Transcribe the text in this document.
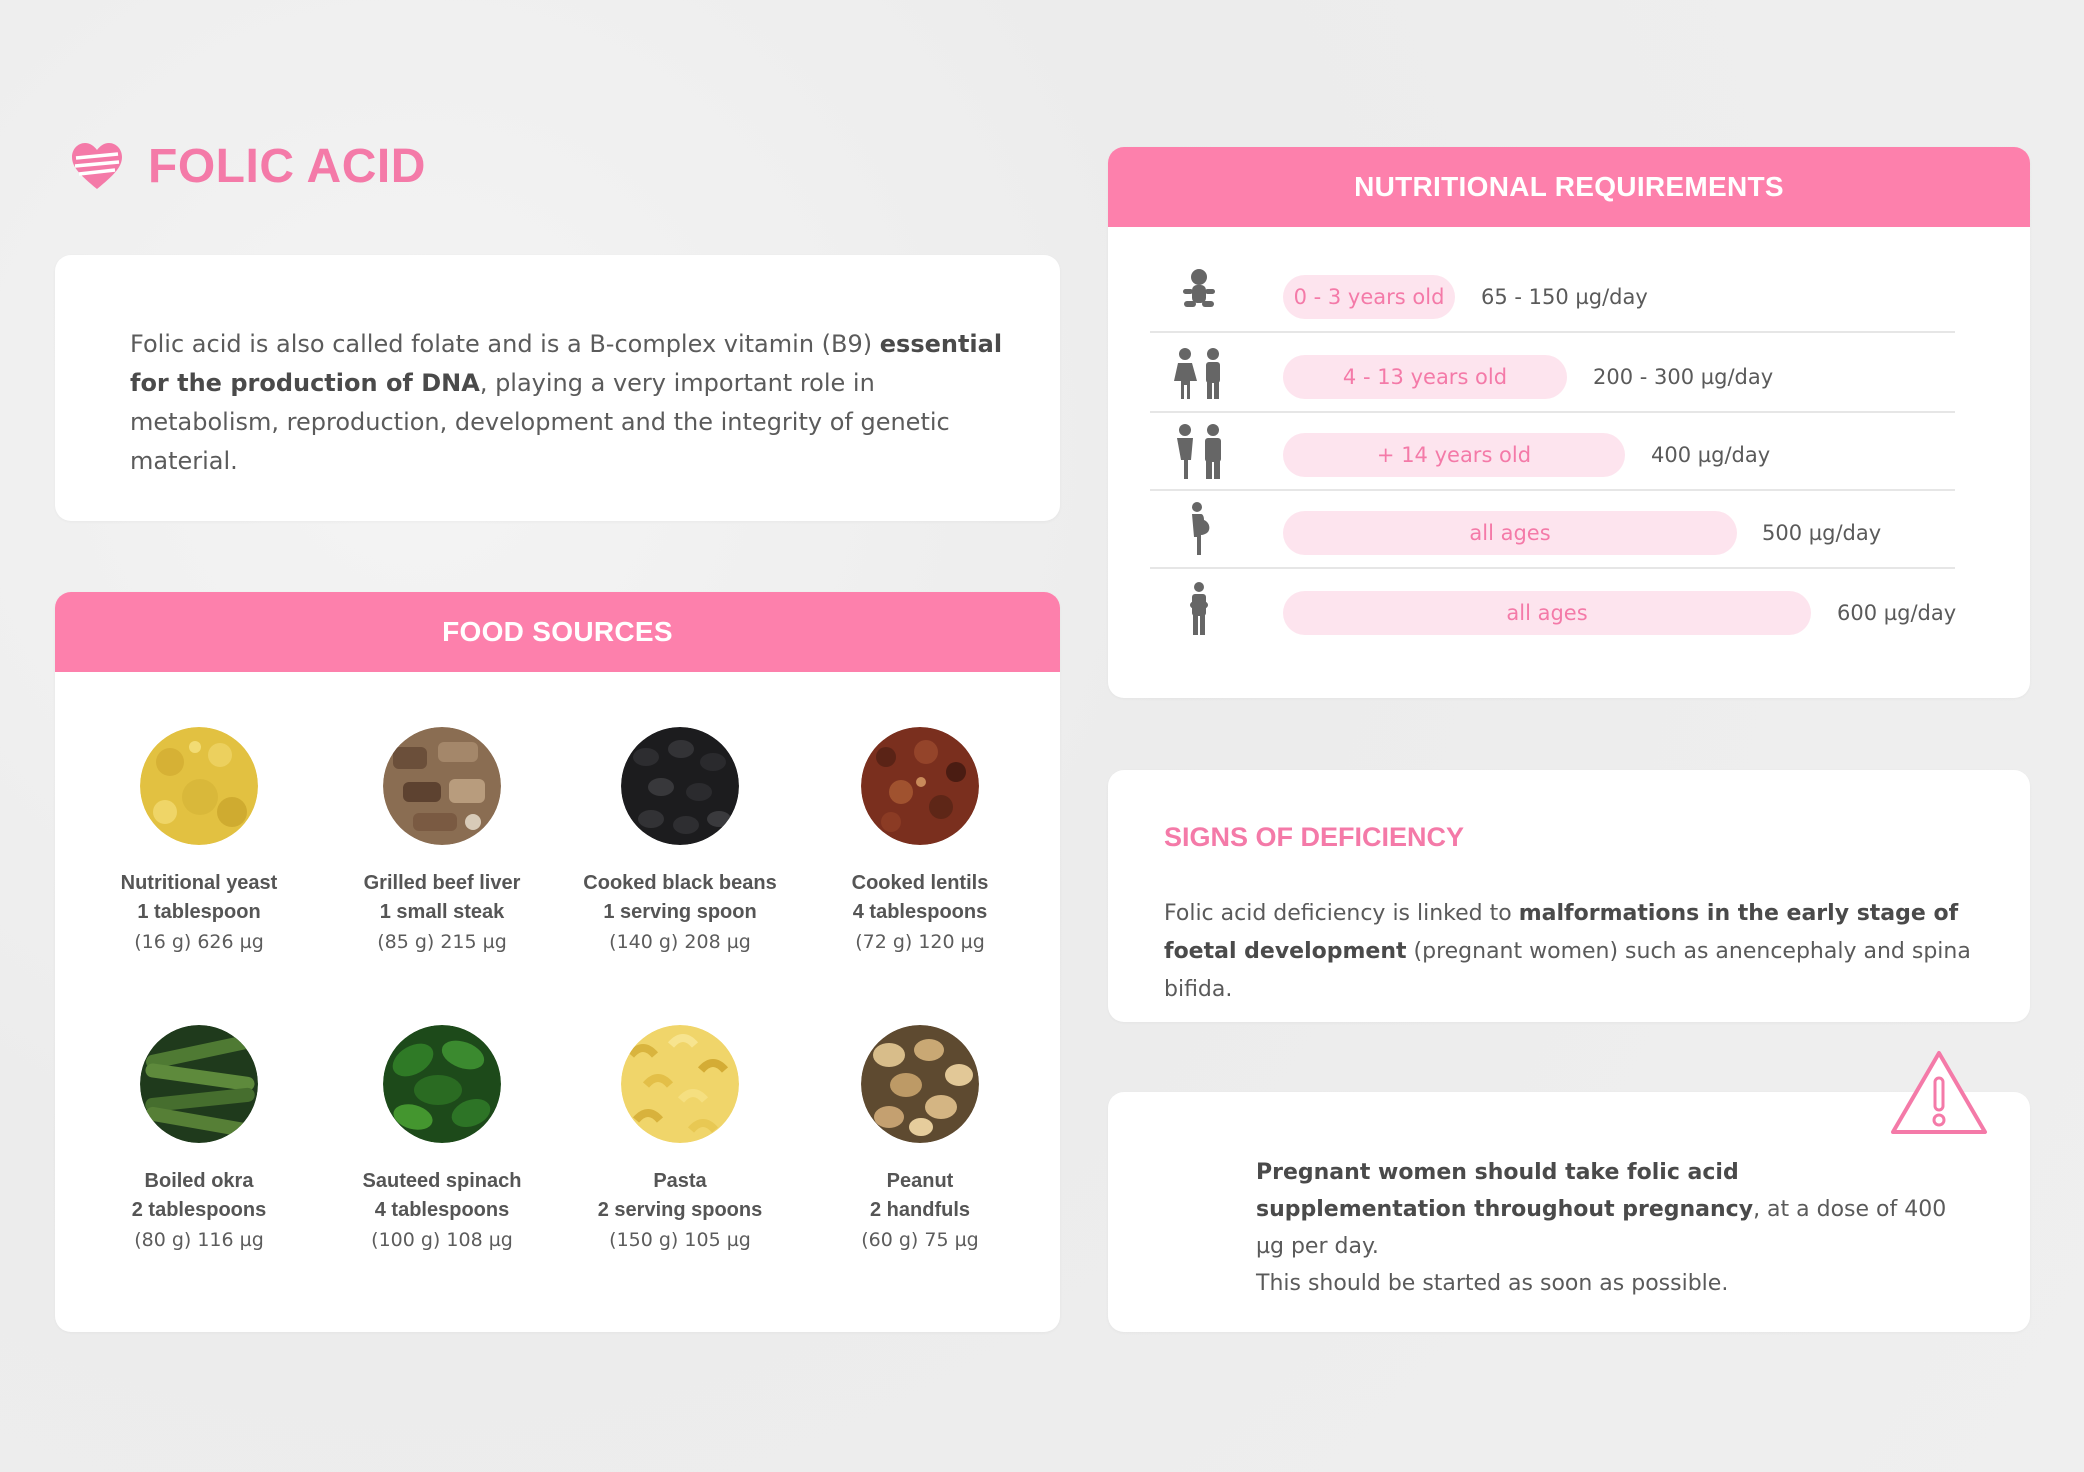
FOLIC ACID

Folic acid is also called folate and is a B-complex vitamin (B9) essential for the production of DNA, playing a very important role in metabolism, reproduction, development and the integrity of genetic material.

FOOD SOURCES
Nutritional yeast
1 tablespoon
(16 g) 626 µg
Grilled beef liver
1 small steak
(85 g) 215 µg
Cooked black beans
1 serving spoon
(140 g) 208 µg
Cooked lentils
4 tablespoons
(72 g) 120 µg
Boiled okra
2 tablespoons
(80 g) 116 µg
Sauteed spinach
4 tablespoons
(100 g) 108 µg
Pasta
2 serving spoons
(150 g) 105 µg
Peanut
2 handfuls
(60 g) 75 µg
NUTRITIONAL REQUIREMENTS
0 - 3 years old	65 - 150 µg/day
4 - 13 years old	200 - 300 µg/day
+ 14 years old	400 µg/day
all ages	500 µg/day
all ages	600 µg/day
SIGNS OF DEFICIENCY

Folic acid deficiency is linked to malformations in the early stage of foetal development (pregnant women) such as anencephaly and spina bifida.

Pregnant women should take folic acid supplementation throughout pregnancy, at a dose of 400 µg per day.
This should be started as soon as possible.
